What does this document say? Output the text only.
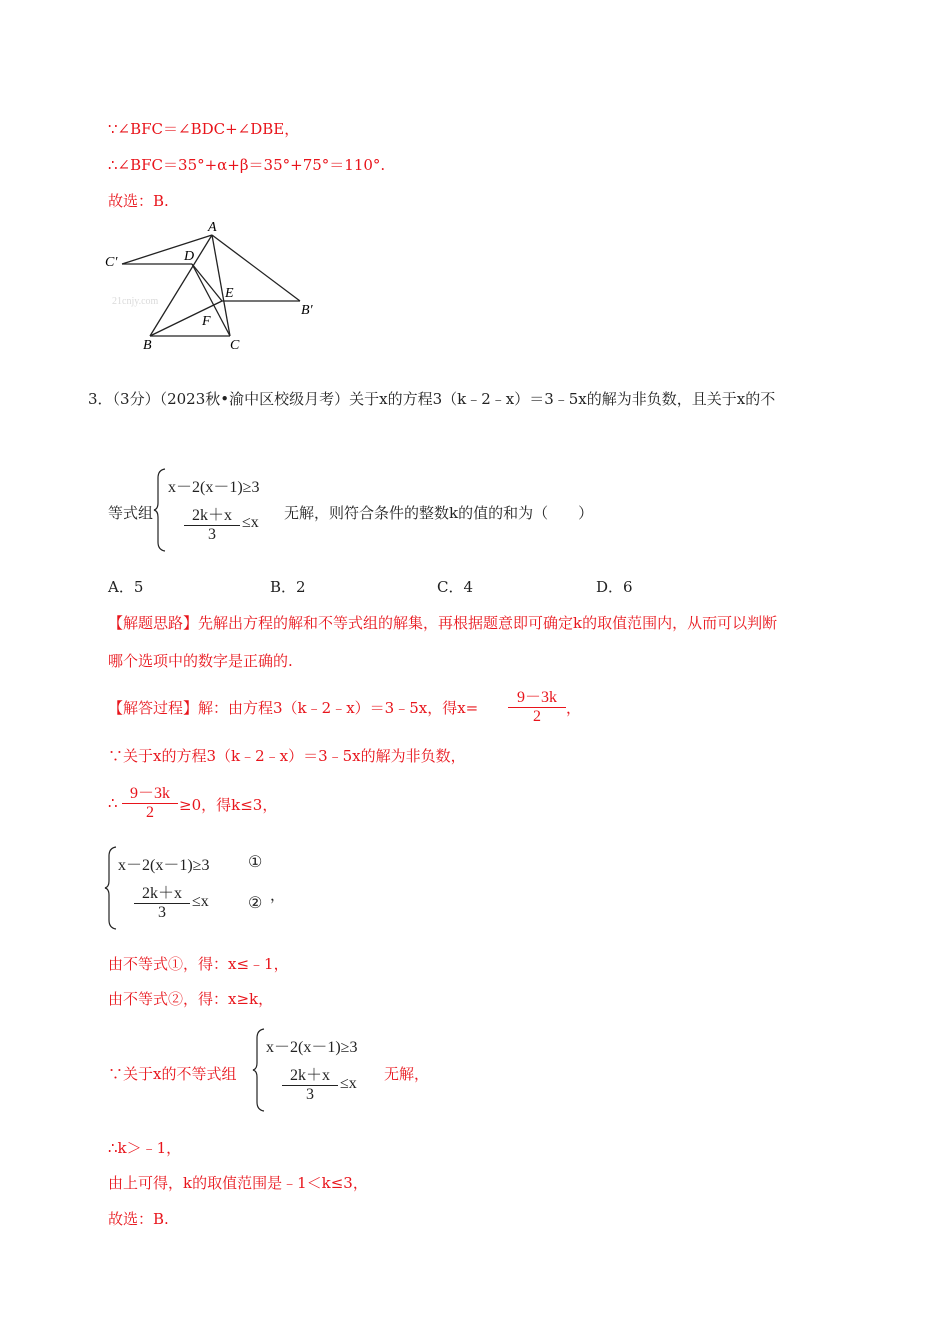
∵∠BFC＝∠BDC+∠DBE，
∴∠BFC＝35°+α+β＝35°+75°＝110°.
故选：B.
21cnjy.com
A
C′	D
E
B′
F
B	C
3．（3分）（2023秋•渝中区校级月考）关于x的方程3（k﹣2﹣x）＝3﹣5x的解为非负数，且关于x的不
等式组
x－2(x－1)≥3
2k＋x
3
≤x
无解，则符合条件的整数k的值的和为（　　）
A．5	B．2	C．4	D．6
【解题思路】先解出方程的解和不等式组的解集，再根据题意即可确定k的取值范围内，从而可以判断
哪个选项中的数字是正确的.
【解答过程】解：由方程3（k﹣2﹣x）＝3﹣5x，得x=
9－3k
2	，
∵关于x的方程3（k﹣2﹣x）＝3﹣5x的解为非负数，
∴
9－3k
2	≥0，得k≤3，
x－2(x－1)≥3 ①
2k＋x
3
≤x ② ，
由不等式①，得：x≤﹣1，
由不等式②，得：x≥k，
∵关于x的不等式组
x－2(x－1)≥3
2k＋x
3
≤x
无解，
∴k＞﹣1，
由上可得，k的取值范围是﹣1＜k≤3，
故选：B.
